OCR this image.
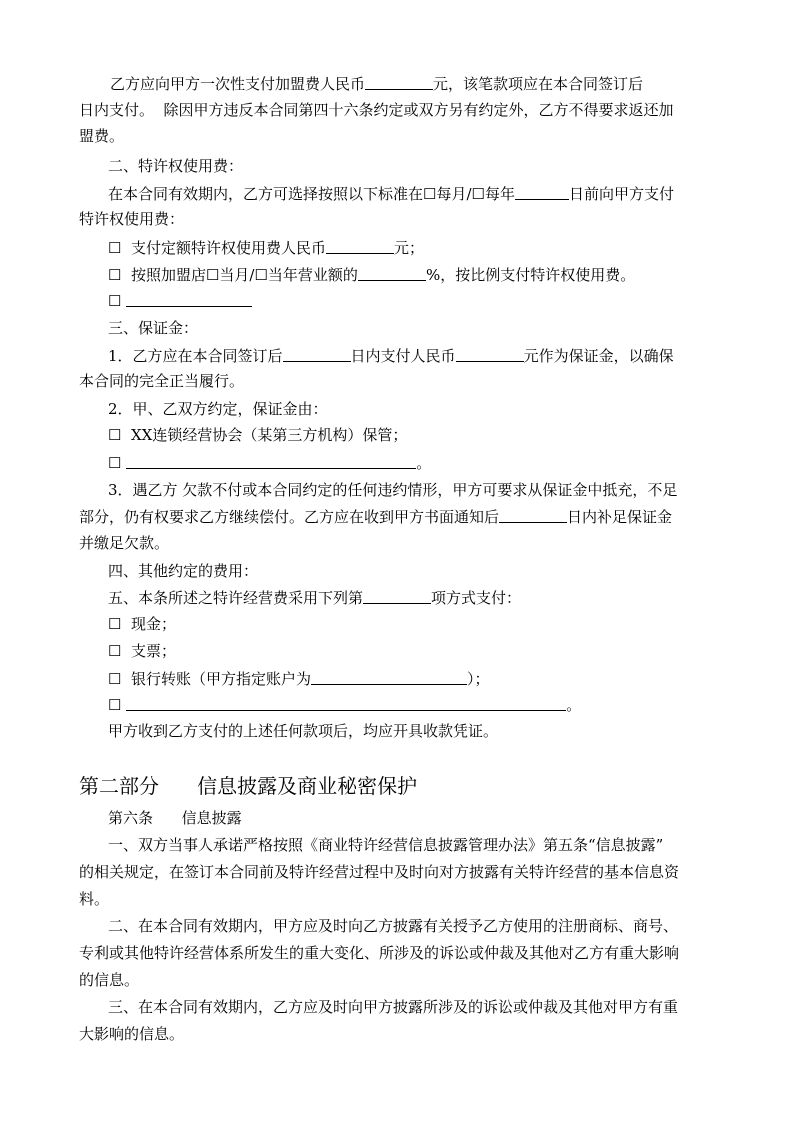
乙方应向甲方一次性支付加盟费人民币	元，该笔款项应在本合同签订后
日内支付。  除因甲方违反本合同第四十六条约定或双方另有约定外，乙方不得要求返还加
盟费。
二、特许权使用费：
在本合同有效期内，乙方可选择按照以下标准在☐每月/☐每年	日前向甲方支付
特许权使用费：
☐  支付定额特许权使用费人民币	元；
☐  按照加盟店☐当月/☐当年营业额的	%，按比例支付特许权使用费。
☐
三、保证金：
1．乙方应在本合同签订后	日内支付人民币	元作为保证金，以确保
本合同的完全正当履行。
2．甲、乙双方约定，保证金由：
☐  XX连锁经营协会（某第三方机构）保管；
☐	。
3．遇乙方 欠款不付或本合同约定的任何违约情形，甲方可要求从保证金中抵充，不足
部分，仍有权要求乙方继续偿付。乙方应在收到甲方书面通知后	日内补足保证金
并缴足欠款。
四、其他约定的费用：
五、本条所述之特许经营费采用下列第	项方式支付：
☐  现金；
☐  支票；
☐  银行转账（甲方指定账户为	）；
☐	。
甲方收到乙方支付的上述任何款项后，均应开具收款凭证。
第二部分      信息披露及商业秘密保护
第六条      信息披露
一、双方当事人承诺严格按照《商业特许经营信息披露管理办法》第五条“信息披露”
的相关规定，在签订本合同前及特许经营过程中及时向对方披露有关特许经营的基本信息资
料。
二、在本合同有效期内，甲方应及时向乙方披露有关授予乙方使用的注册商标、商号、
专利或其他特许经营体系所发生的重大变化、所涉及的诉讼或仲裁及其他对乙方有重大影响
的信息。
三、在本合同有效期内，乙方应及时向甲方披露所涉及的诉讼或仲裁及其他对甲方有重
大影响的信息。
